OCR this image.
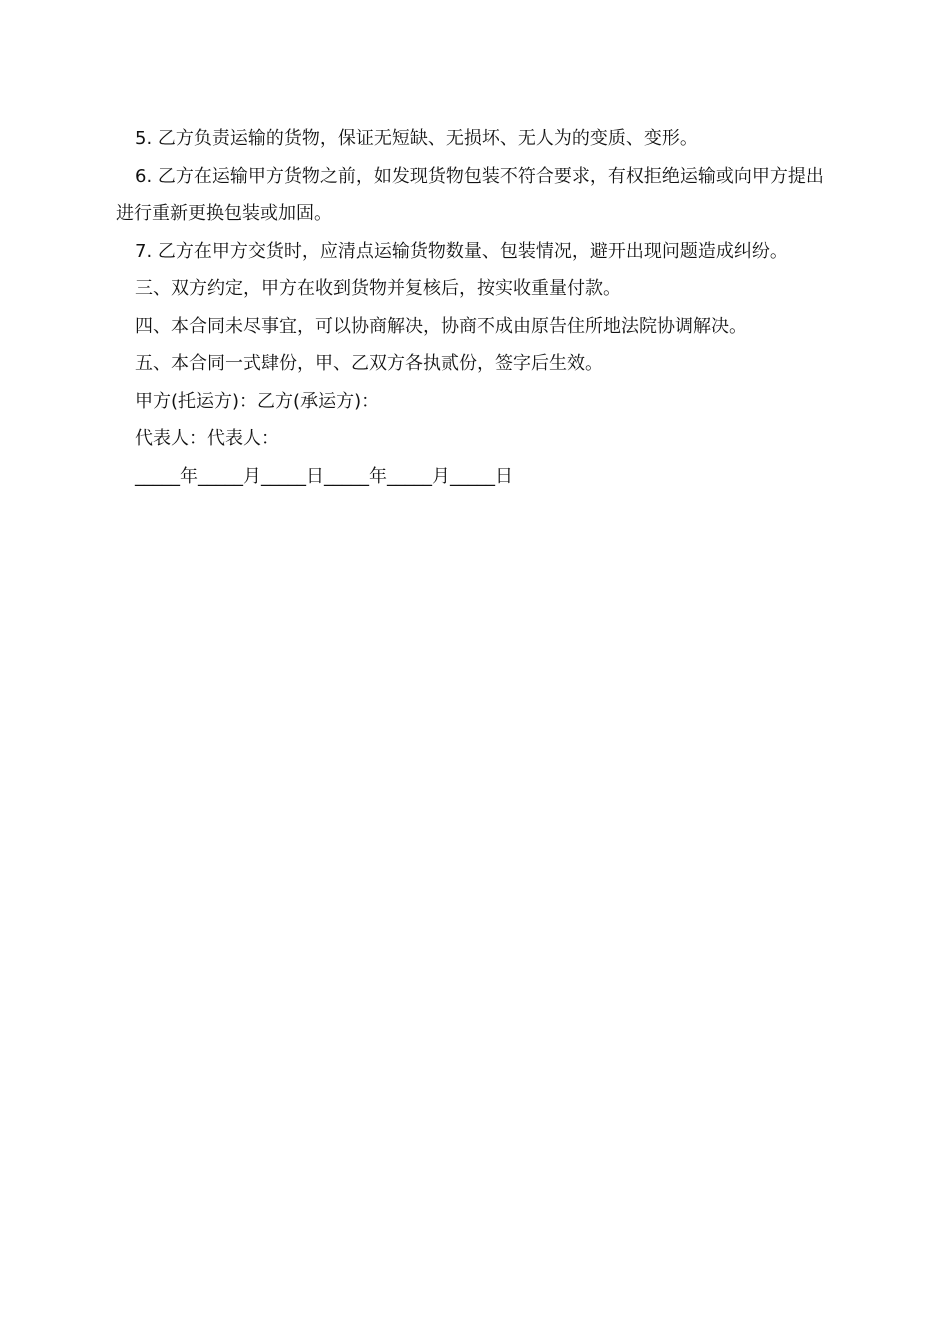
5. 乙方负责运输的货物，保证无短缺、无损坏、无人为的变质、变形。

6. 乙方在运输甲方货物之前，如发现货物包装不符合要求，有权拒绝运输或向甲方提出进行重新更换包装或加固。

7. 乙方在甲方交货时，应清点运输货物数量、包装情况，避开出现问题造成纠纷。

三、双方约定，甲方在收到货物并复核后，按实收重量付款。

四、本合同未尽事宜，可以协商解决，协商不成由原告住所地法院协调解决。

五、本合同一式肆份，甲、乙双方各执贰份，签字后生效。

甲方(托运方)：乙方(承运方)：

代表人：代表人：

_____年_____月_____日_____年_____月_____日
